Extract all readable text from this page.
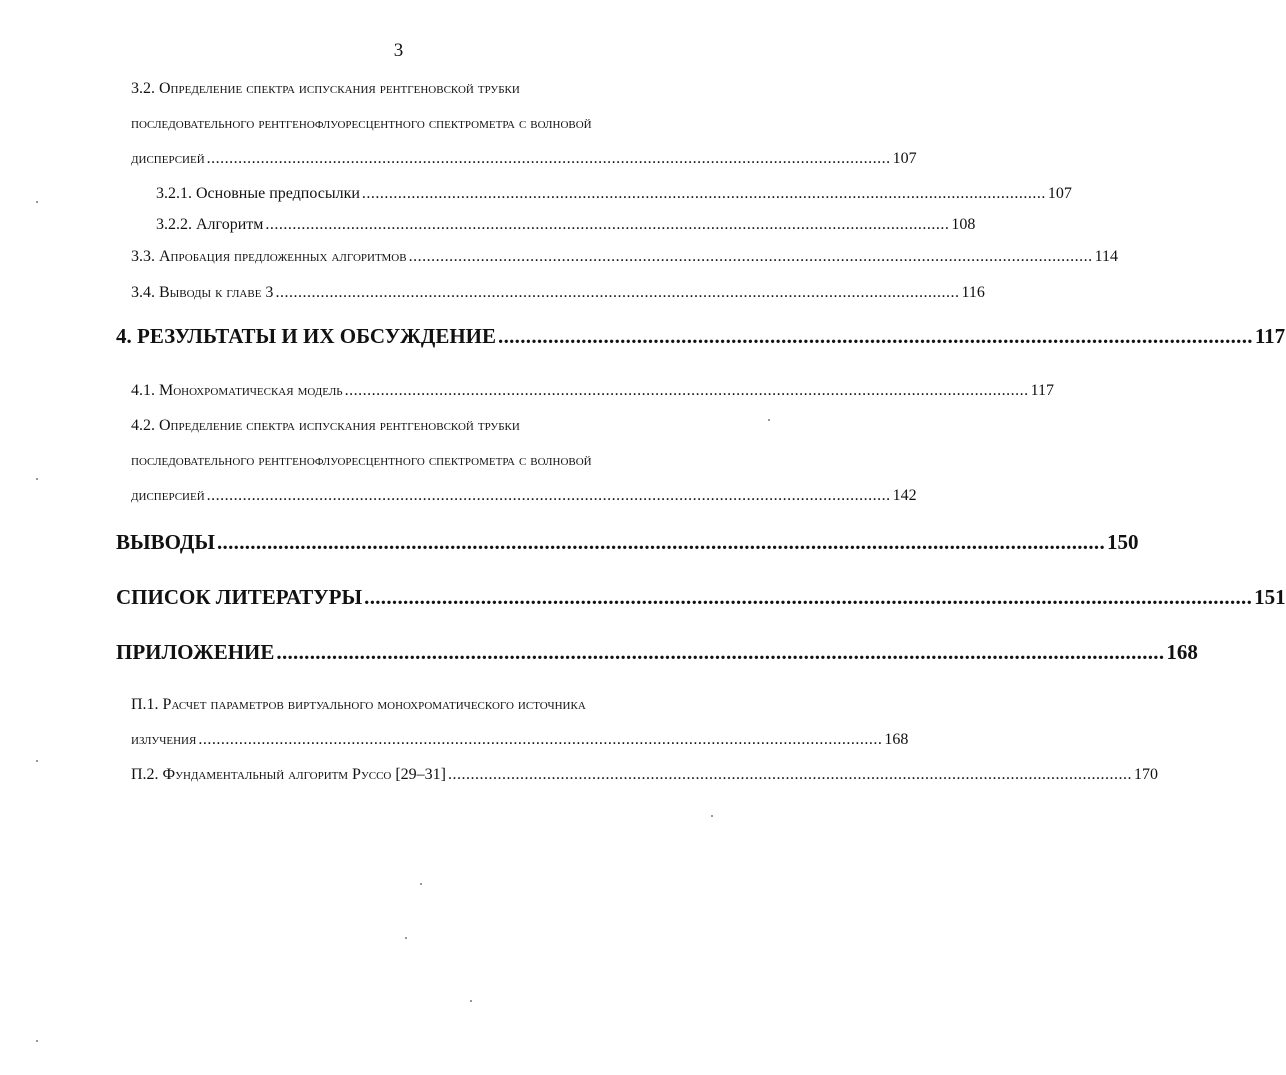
3
3.2. Определение спектра испускания рентгеновской трубки
последовательного рентгенофлуоресцентного спектрометра с волновой
дисперсией ........................................................................................................................................................ 107
3.2.1. Основные предпосылки ........................................................................................................................................................ 107
3.2.2. Алгоритм ........................................................................................................................................................ 108
3.3. Апробация предложенных алгоритмов ........................................................................................................................................................ 114
3.4. Выводы к главе 3 ........................................................................................................................................................ 116
4. РЕЗУЛЬТАТЫ И ИХ ОБСУЖДЕНИЕ ........................................................................................................................................ 117
4.1. Монохроматическая модель ........................................................................................................................................................ 117
4.2. Определение спектра испускания рентгеновской трубки
последовательного рентгенофлуоресцентного спектрометра с волновой
дисперсией ........................................................................................................................................................ 142
ВЫВОДЫ ................................................................................................................................................................ 150
СПИСОК ЛИТЕРАТУРЫ ................................................................................................................................................................ 151
ПРИЛОЖЕНИЕ ................................................................................................................................................................ 168
П.1. Расчет параметров виртуального монохроматического источника
излучения ........................................................................................................................................................ 168
П.2. Фундаментальный алгоритм Руссо [29–31] ........................................................................................................................................................ 170
